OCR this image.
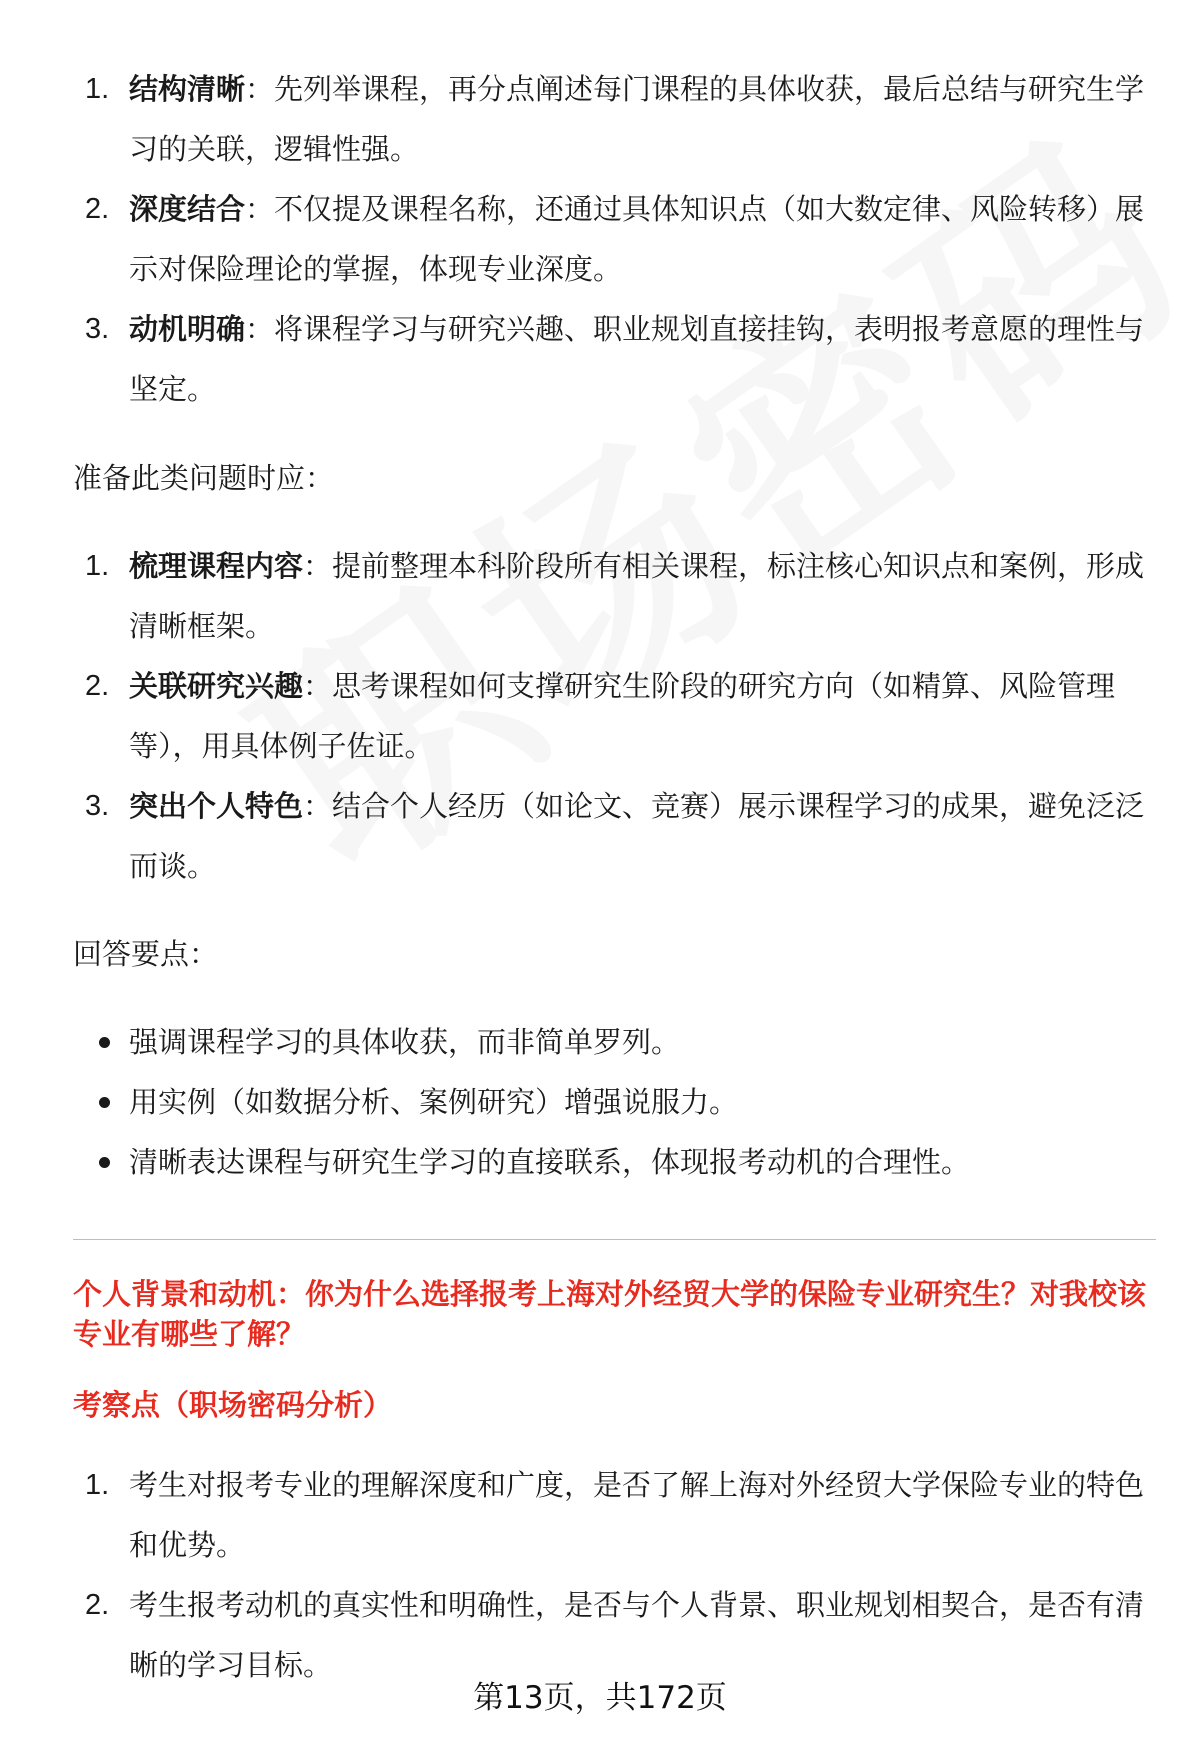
1. 结构清晰：先列举课程，再分点阐述每门课程的具体收获，最后总结与研究生学习的关联，逻辑性强。
2. 深度结合：不仅提及课程名称，还通过具体知识点（如大数定律、风险转移）展示对保险理论的掌握，体现专业深度。
3. 动机明确：将课程学习与研究兴趣、职业规划直接挂钩，表明报考意愿的理性与坚定。

准备此类问题时应：

1. 梳理课程内容：提前整理本科阶段所有相关课程，标注核心知识点和案例，形成清晰框架。
2. 关联研究兴趣：思考课程如何支撑研究生阶段的研究方向（如精算、风险管理等），用具体例子佐证。
3. 突出个人特色：结合个人经历（如论文、竞赛）展示课程学习的成果，避免泛泛而谈。

回答要点：

强调课程学习的具体收获，而非简单罗列。
用实例（如数据分析、案例研究）增强说服力。
清晰表达课程与研究生学习的直接联系，体现报考动机的合理性。

个人背景和动机：你为什么选择报考上海对外经贸大学的保险专业研究生？对我校该专业有哪些了解？

考察点（职场密码分析）

1. 考生对报考专业的理解深度和广度，是否了解上海对外经贸大学保险专业的特色和优势。
2. 考生报考动机的真实性和明确性，是否与个人背景、职业规划相契合，是否有清晰的学习目标。
第13页，共172页
